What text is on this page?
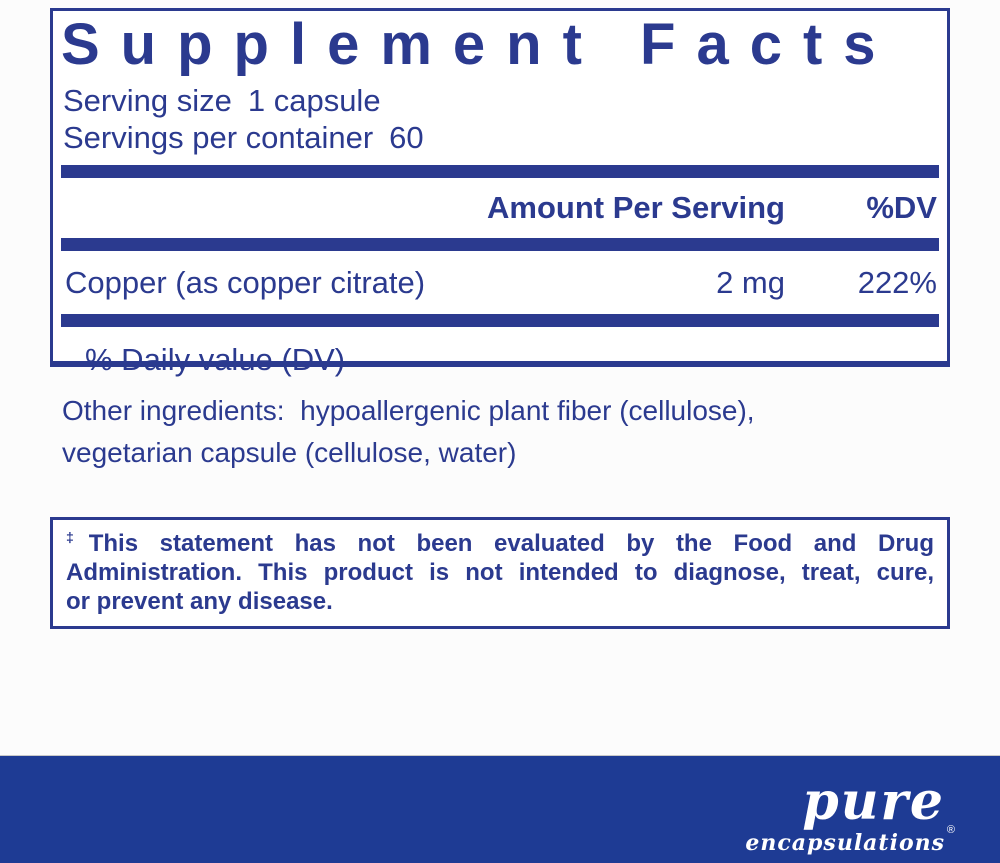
Supplement Facts
Serving size 1 capsule
Servings per container 60
Amount Per Serving	%DV
Copper (as copper citrate)	2 mg 222%
% Daily value (DV)
Other ingredients:  hypoallergenic plant fiber (cellulose),
vegetarian capsule (cellulose, water)
‡This statement has not been evaluated by the Food and Drug
Administration. This product is not intended to diagnose, treat, cure,
or prevent any disease.
pure ®
encapsulations
